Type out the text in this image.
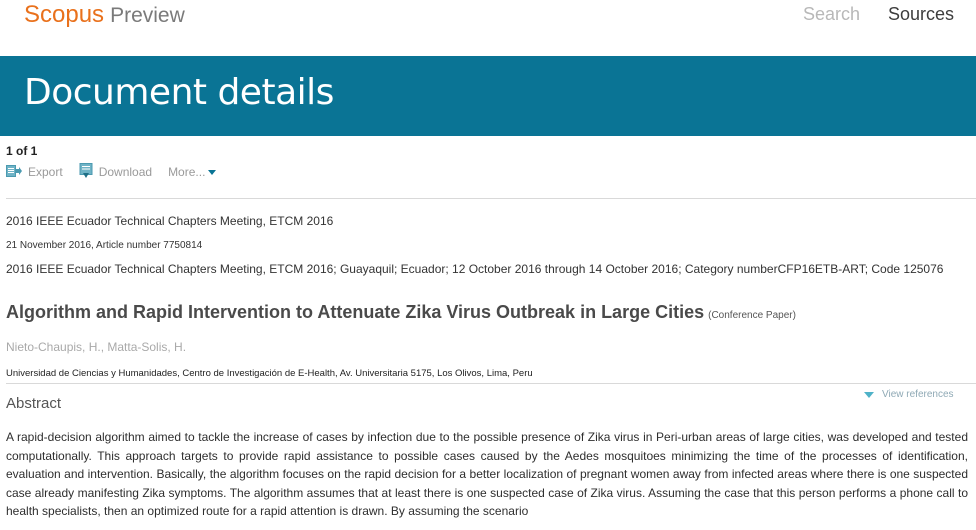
Scopus Preview	Search Sources
Document details
1 of 1
Export	Download More...
2016 IEEE Ecuador Technical Chapters Meeting, ETCM 2016
21 November 2016, Article number 7750814
2016 IEEE Ecuador Technical Chapters Meeting, ETCM 2016; Guayaquil; Ecuador; 12 October 2016 through 14 October 2016; Category numberCFP16ETB-ART; Code 125076
Algorithm and Rapid Intervention to Attenuate Zika Virus Outbreak in Large Cities (Conference Paper)
Nieto-Chaupis, H., Matta-Solis, H.
Universidad de Ciencias y Humanidades, Centro de Investigación de E-Health, Av. Universitaria 5175, Los Olivos, Lima, Peru
Abstract
View references
A rapid-decision algorithm aimed to tackle the increase of cases by infection due to the possible presence of Zika virus in Peri-urban areas of large cities, was developed and tested computationally. This approach targets to provide rapid assistance to possible cases caused by the Aedes mosquitoes minimizing the time of the processes of identification, evaluation and intervention. Basically, the algorithm focuses on the rapid decision for a better localization of pregnant women away from infected areas where there is one suspected case already manifesting Zika symptoms. The algorithm assumes that at least there is one suspected case of Zika virus. Assuming the case that this person performs a phone call to health specialists, then an optimized route for a rapid attention is drawn. By assuming the scenario
